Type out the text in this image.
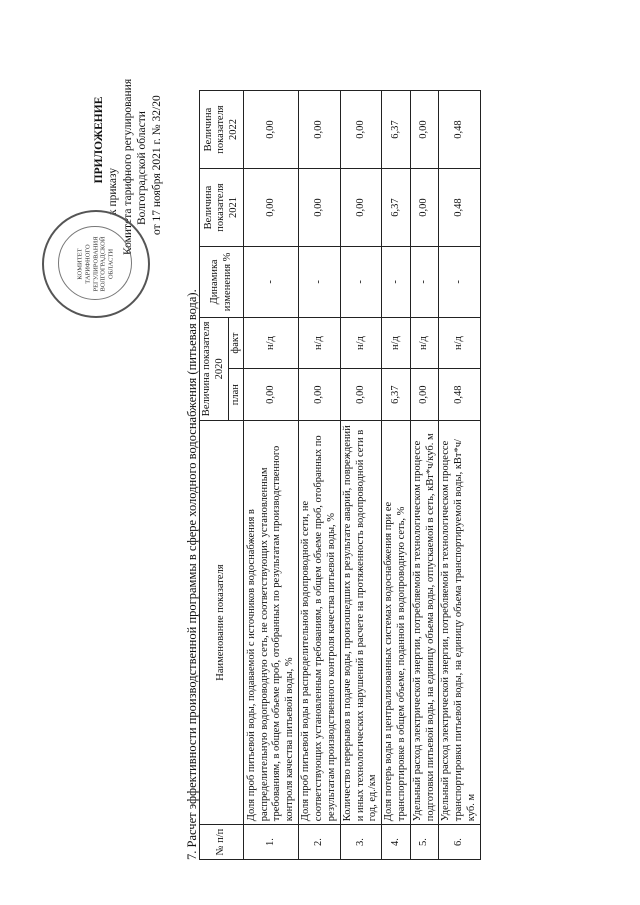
ПРИЛОЖЕНИЕ
к приказу Комитета тарифного регулирования Волгоградской области от 17 ноября 2021 г. № 32/20
КОМИТЕТ
ТАРИФНОГО
РЕГУЛИРОВАНИЯ
ВОЛГОГРАДСКОЙ
ОБЛАСТИ
7. Расчет эффективности производственной программы в сфере холодного водоснабжения (питьевая вода). № п/п	Наименование показателя	Величина показателя 2020		Динамика изменения %	Величина показателя 2021	Величина показателя 2022
		план	факт			
1.	Доля проб питьевой воды, подаваемой с источников водоснабжения в распределительную водопроводную сеть, не соответствующих установленным требованиям, в общем объеме проб, отобранных по результатам производственного контроля качества питьевой воды, %	0,00	н/д	-	0,00	0,00
2.	Доля проб питьевой воды в распределительной водопроводной сети, не соответствующих установленным требованиям, в общем объеме проб, отобранных по результатам производственного контроля качества питьевой воды, %	0,00	н/д	-	0,00	0,00
3.	Количество перерывов в подаче воды, произошедших в результате аварий, повреждений и иных технологических нарушений в расчете на протяженность водопроводной сети в год, ед./км	0,00	н/д	-	0,00	0,00
4.	Доля потерь воды в централизованных системах водоснабжения при ее транспортировке в общем объеме, поданной в водопроводную сеть, %	6,37	н/д	-	6,37	6,37
5.	Удельный расход электрической энергии, потребляемой в технологическом процессе подготовки питьевой воды, на единицу объема воды, отпускаемой в сеть, кВт*ч/куб. м	0,00	н/д	-	0,00	0,00
6.	Удельный расход электрической энергии, потребляемой в технологическом процессе транспортировки питьевой воды, на единицу объема транспортируемой воды, кВт*ч/куб. м	0,48	н/д	-	0,48	0,48
